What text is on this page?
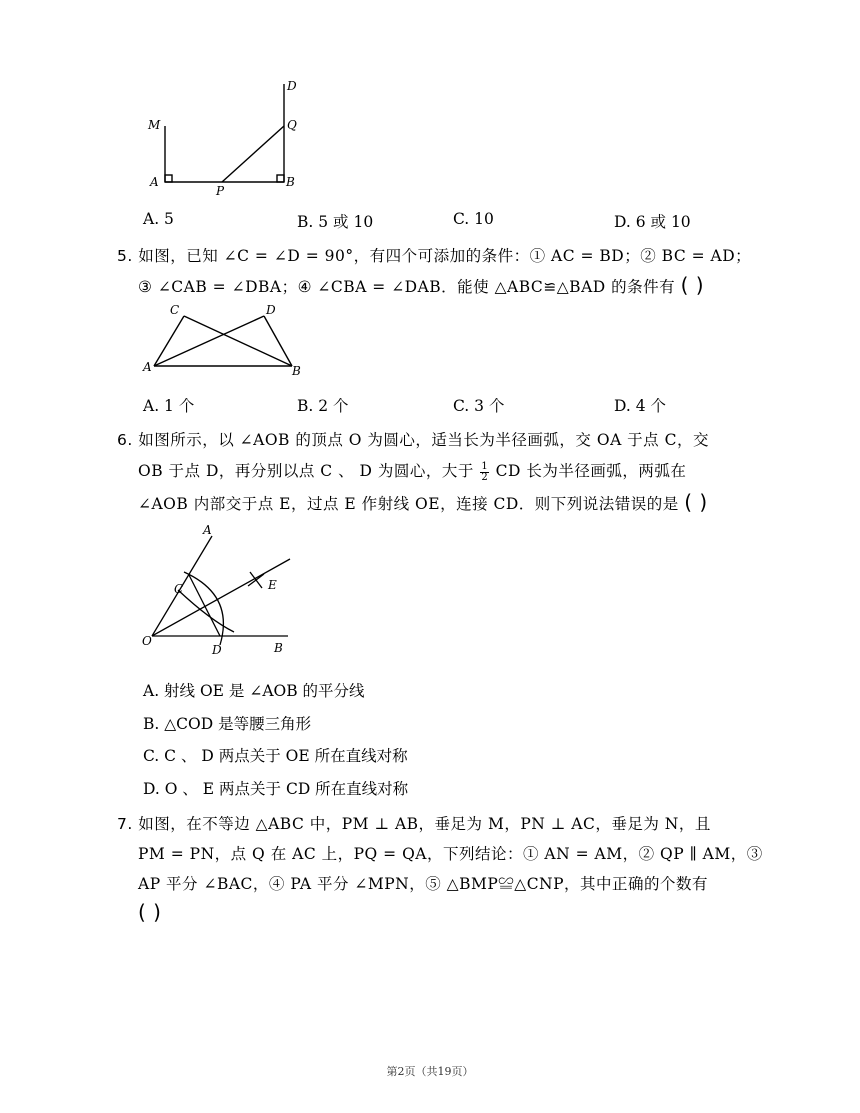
M
A
P
B
Q
D
A. 5	B. 5 或 10	C. 10	D. 6 或 10
5. 如图，已知 ∠C = ∠D = 90°，有四个可添加的条件：① AC = BD；② BC = AD；
③ ∠CAB = ∠DBA；④ ∠CBA = ∠DAB．能使 △ABC≌△BAD 的条件有 ( )
C	D
A	B
A. 1 个	B. 2 个	C. 3 个	D. 4 个
6. 如图所示，以 ∠AOB 的顶点 O 为圆心，适当长为半径画弧，交 OA 于点 C，交
OB 于点 D，再分别以点 C 、 D 为圆心，大于 $\frac{1}{2}$ CD 长为半径画弧，两弧在
∠AOB 内部交于点 E，过点 E 作射线 OE，连接 CD．则下列说法错误的是 ( )
A
C	E
O
D	B
A. 射线 OE 是 ∠AOB 的平分线
B. △COD 是等腰三角形
C. C 、 D 两点关于 OE 所在直线对称
D. O 、 E 两点关于 CD 所在直线对称
7. 如图，在不等边 △ABC 中，PM ⊥ AB，垂足为 M，PN ⊥ AC，垂足为 N，且
PM = PN，点 Q 在 AC 上，PQ = QA，下列结论：① AN = AM，② QP ∥ AM，③
AP 平分 ∠BAC，④ PA 平分 ∠MPN，⑤ △BMP≌△CNP，其中正确的个数有
( )
第2页（共19页）
